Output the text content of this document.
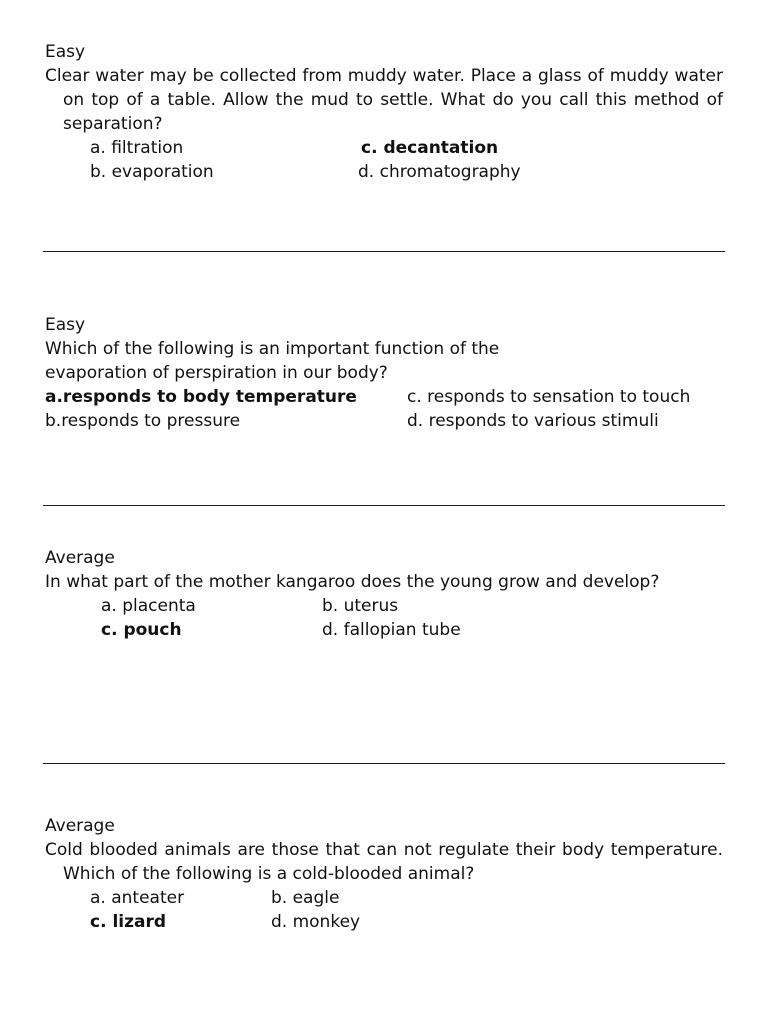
Easy
Clear water may be collected from muddy water. Place a glass of muddy water on top of a table. Allow the mud to settle. What do you call this method of separation?
a. filtration	c. decantation
b. evaporation	d. chromatography
Easy
Which of the following is an important function of the
evaporation of perspiration in our body?
a.responds to body temperature	c. responds to sensation to touch
b.responds to pressure	d. responds to various stimuli
Average
In what part of the mother kangaroo does the young grow and develop?
a. placenta	b. uterus
c. pouch	d. fallopian tube
Average
Cold blooded animals are those that can not regulate their body temperature. Which of the following is a cold-blooded animal?
a. anteater	b. eagle
c. lizard	d. monkey
